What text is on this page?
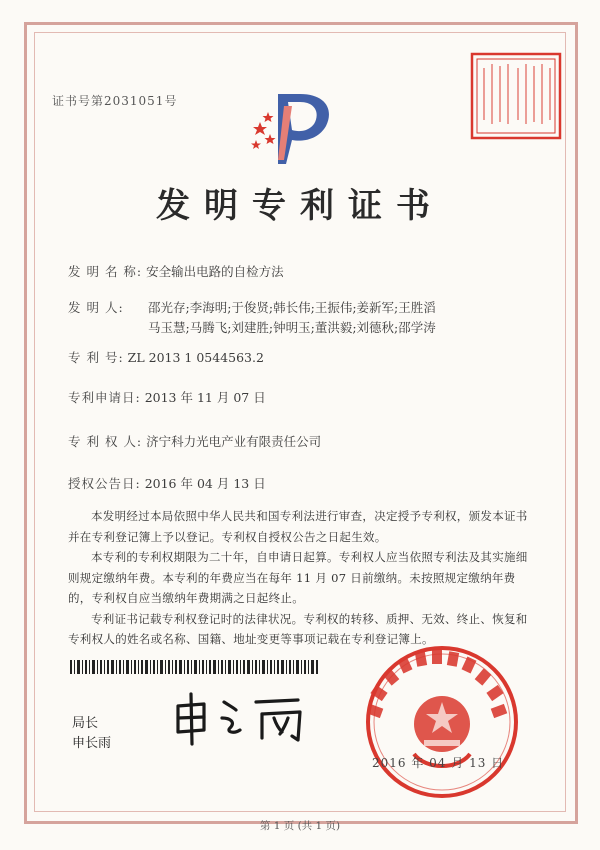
证书号第2031051号
发明专利证书
发 明 名 称: 安全输出电路的自检方法
发 明 人: 邵光存;李海明;于俊贤;韩长伟;王振伟;姜新军;王胜滔
马玉慧;马腾飞;刘建胜;钟明玉;董洪毅;刘德秋;邵学涛
专 利 号: ZL 2013 1 0544563.2
专利申请日: 2013 年 11 月 07 日
专 利 权 人: 济宁科力光电产业有限责任公司
授权公告日: 2016 年 04 月 13 日

本发明经过本局依照中华人民共和国专利法进行审查，决定授予专利权，颁发本证书并在专利登记簿上予以登记。专利权自授权公告之日起生效。

本专利的专利权期限为二十年，自申请日起算。专利权人应当依照专利法及其实施细则规定缴纳年费。本专利的年费应当在每年 11 月 07 日前缴纳。未按照规定缴纳年费的，专利权自应当缴纳年费期满之日起终止。

专利证书记载专利权登记时的法律状况。专利权的转移、质押、无效、终止、恢复和专利权人的姓名或名称、国籍、地址变更等事项记载在专利登记簿上。

局长
申长雨
2016 年 04 月 13 日
第 1 页 (共 1 页)
